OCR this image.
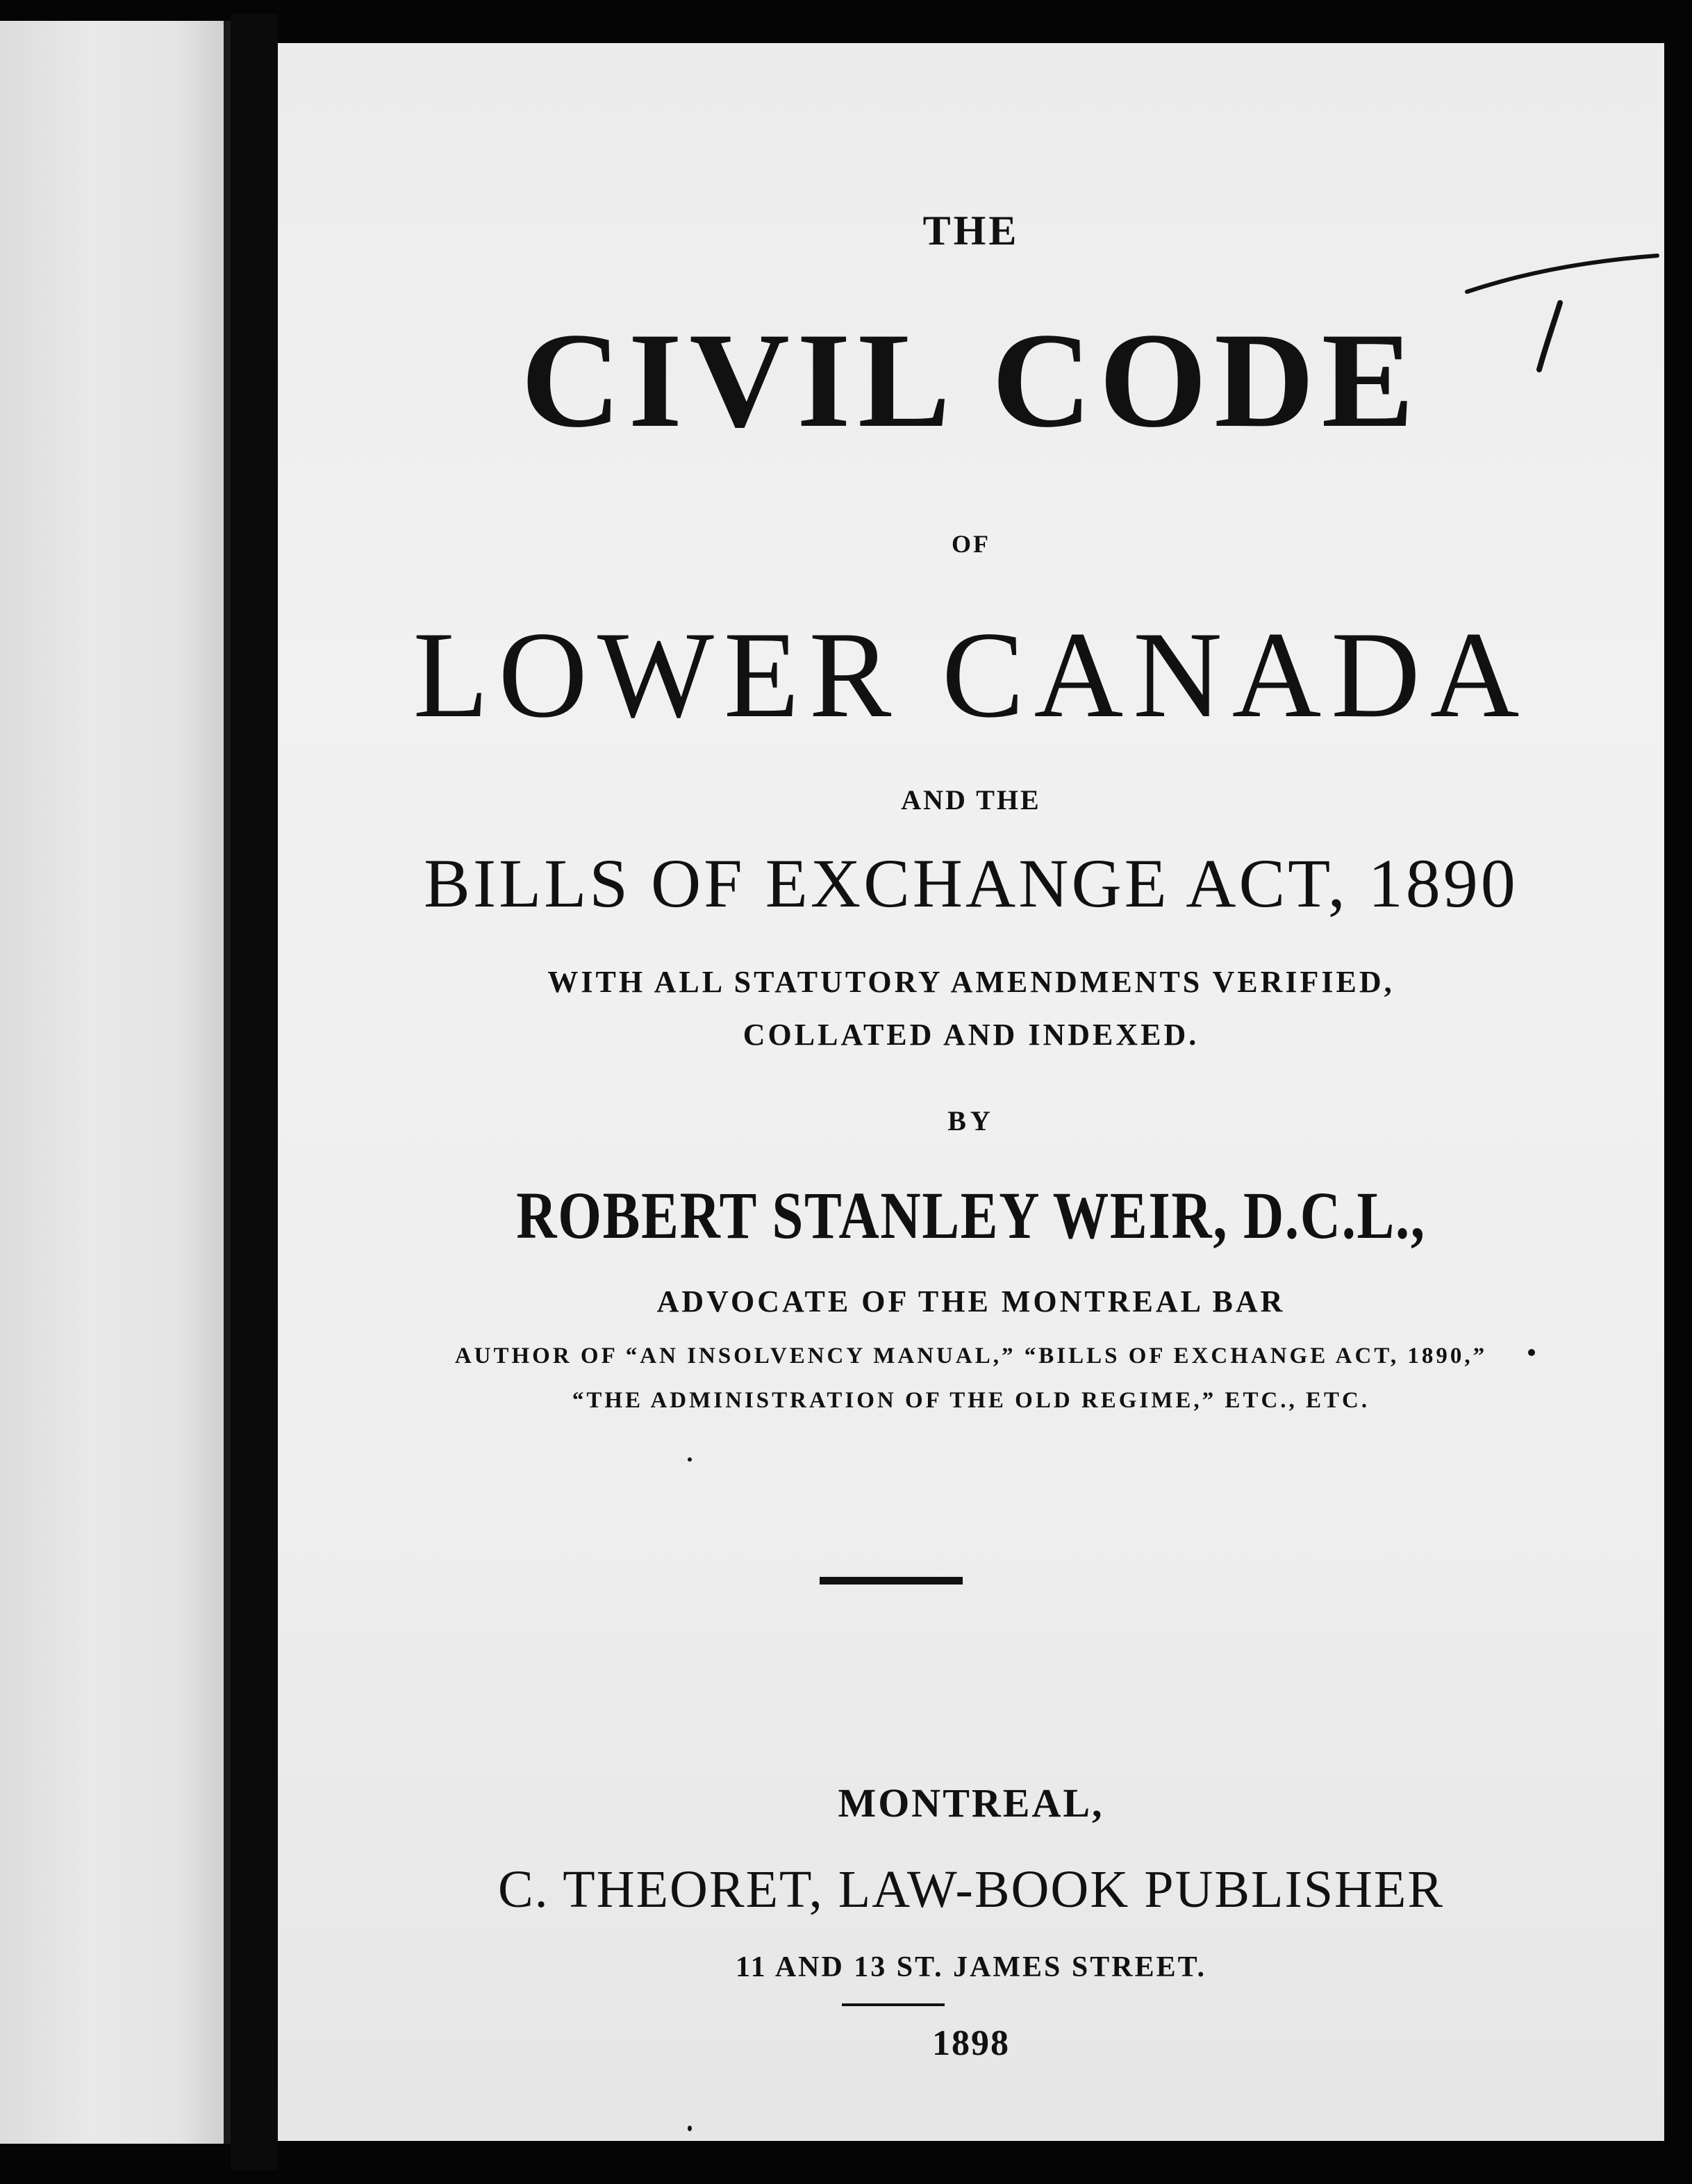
THE
CIVIL CODE
OF
LOWER CANADA
AND THE
BILLS OF EXCHANGE ACT, 1890
WITH ALL STATUTORY AMENDMENTS VERIFIED,
COLLATED AND INDEXED.
BY
ROBERT STANLEY WEIR, D.C.L.,
ADVOCATE OF THE MONTREAL BAR
AUTHOR OF “AN INSOLVENCY MANUAL,” “BILLS OF EXCHANGE ACT, 1890,”
“THE ADMINISTRATION OF THE OLD REGIME,” ETC., ETC.
MONTREAL,
C. THEORET, LAW-BOOK PUBLISHER
11 AND 13 ST. JAMES STREET.
1898
